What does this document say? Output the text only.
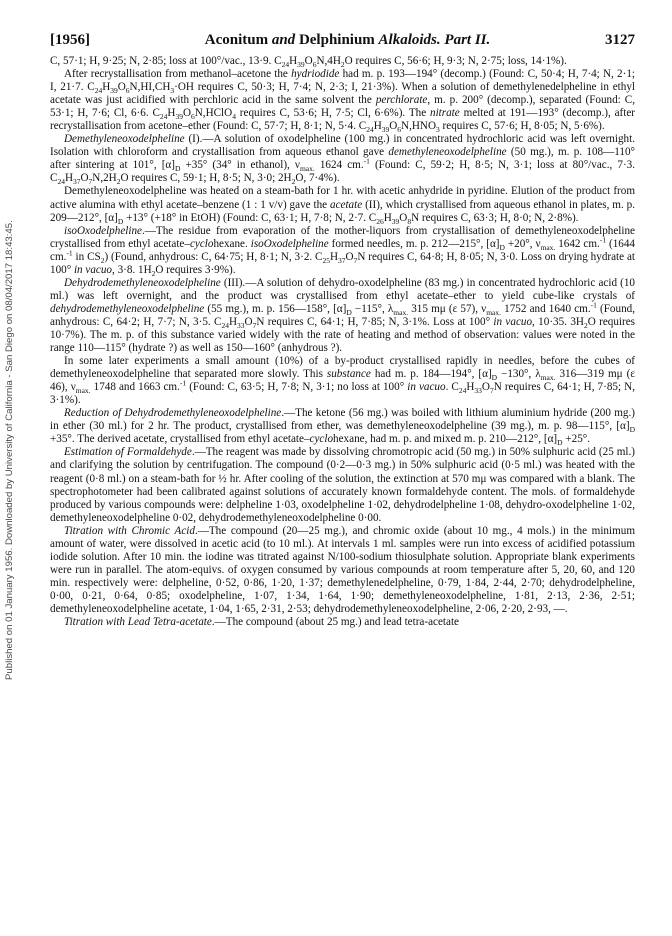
Published on 01 January 1956. Downloaded by University of California - San Diego on 08/04/2017 18:43:45.
[1956]	Aconitum and Delphinium Alkaloids. Part II.	3127

C, 57·1; H, 9·25; N, 2·85; loss at 100°/vac., 13·9. $C_{24}H_{39}O_6N,4H_2O$ requires C, 56·6; H, 9·3; N, 2·75; loss, 14·1%).

After recrystallisation from methanol–acetone the hydriodide had m. p. 193—194° (decomp.) (Found: C, 50·4; H, 7·4; N, 2·1; I, 21·7. $C_{24}H_{39}O_6N,HI,CH_3\cdot OH$ requires C, 50·3; H, 7·4; N, 2·3; I, 21·3%). When a solution of demethylenedelpheline in ethyl acetate was just acidified with perchloric acid in the same solvent the perchlorate, m. p. 200° (decomp.), separated (Found: C, 53·1; H, 7·6; Cl, 6·6. $C_{24}H_{39}O_6N,HClO_4$ requires C, 53·6; H, 7·5; Cl, 6·6%). The nitrate melted at 191—193° (decomp.), after recrystallisation from acetone–ether (Found: C, 57·7; H, 8·1; N, 5·4. $C_{24}H_{39}O_6N,HNO_3$ requires C, 57·6; H, 8·05; N, 5·6%).

Demethyleneoxodelpheline (I).—A solution of oxodelpheline (100 mg.) in concentrated hydrochloric acid was left overnight. Isolation with chloroform and crystallisation from aqueous ethanol gave demethyleneoxodelpheline (50 mg.), m. p. 108—110° after sintering at 101°, $[\alpha]_D +35^\circ$ (34° in ethanol), $\nu_{max.}$ 1624 cm.$^{-1}$ (Found: C, 59·2; H, 8·5; N, 3·1; loss at 80°/vac., 7·3. $C_{24}H_{37}O_7N,2H_2O$ requires C, 59·1; H, 8·5; N, 3·0; $2H_2O$, 7·4%).

Demethyleneoxodelpheline was heated on a steam-bath for 1 hr. with acetic anhydride in pyridine. Elution of the product from active alumina with ethyl acetate–benzene (1 : 1 v/v) gave the acetate (II), which crystallised from aqueous ethanol in plates, m. p. 209—212°, $[\alpha]_D +13^\circ$ (+18° in EtOH) (Found: C, 63·1; H, 7·8; N, 2·7. $C_{26}H_{39}O_8N$ requires C, 63·3; H, 8·0; N, 2·8%).

isoOxodelpheline.—The residue from evaporation of the mother-liquors from crystallisation of demethyleneoxodelpheline crystallised from ethyl acetate–cyclohexane. isoOxodelpheline formed needles, m. p. 212—215°, $[\alpha]_D +20^\circ$, $\nu_{max.}$ 1642 cm.$^{-1}$ (1644 cm.$^{-1}$ in $CS_2$) (Found, anhydrous: C, 64·75; H, 8·1; N, 3·2. $C_{25}H_{37}O_7N$ requires C, 64·8; H, 8·05; N, 3·0. Loss on drying hydrate at 100° in vacuo, 3·8. $1H_2O$ requires 3·9%).

Dehydrodemethyleneoxodelpheline (III).—A solution of dehydro-oxodelpheline (83 mg.) in concentrated hydrochloric acid (10 ml.) was left overnight, and the product was crystallised from ethyl acetate–ether to yield cube-like crystals of dehydrodemethyleneoxodelpheline (55 mg.), m. p. 156—158°, $[\alpha]_D -115^\circ$, $\lambda_{max.}$ 315 mμ (ε 57), $\nu_{max.}$ 1752 and 1640 cm.$^{-1}$ (Found, anhydrous: C, 64·2; H, 7·7; N, 3·5. $C_{24}H_{33}O_7N$ requires C, 64·1; H, 7·85; N, 3·1%. Loss at 100° in vacuo, 10·35. $3H_2O$ requires 10·7%). The m. p. of this substance varied widely with the rate of heating and method of observation: values were noted in the range 110—115° (hydrate ?) as well as 150—160° (anhydrous ?).

In some later experiments a small amount (10%) of a by-product crystallised rapidly in needles, before the cubes of demethyleneoxodelpheline that separated more slowly. This substance had m. p. 184—194°, $[\alpha]_D -130^\circ$, $\lambda_{max.}$ 316—319 mμ (ε 46), $\nu_{max.}$ 1748 and 1663 cm.$^{-1}$ (Found: C, 63·5; H, 7·8; N, 3·1; no loss at 100° in vacuo. $C_{24}H_{33}O_7N$ requires C, 64·1; H, 7·85; N, 3·1%).

Reduction of Dehydrodemethyleneoxodelpheline.—The ketone (56 mg.) was boiled with lithium aluminium hydride (200 mg.) in ether (30 ml.) for 2 hr. The product, crystallised from ether, was demethyleneoxodelpheline (39 mg.), m. p. 98—115°, $[\alpha]_D +35^\circ$. The derived acetate, crystallised from ethyl acetate–cyclohexane, had m. p. and mixed m. p. 210—212°, $[\alpha]_D +25^\circ$.

Estimation of Formaldehyde.—The reagent was made by dissolving chromotropic acid (50 mg.) in 50% sulphuric acid (25 ml.) and clarifying the solution by centrifugation. The compound (0·2—0·3 mg.) in 50% sulphuric acid (0·5 ml.) was heated with the reagent (0·8 ml.) on a steam-bath for ½ hr. After cooling of the solution, the extinction at 570 mμ was compared with a blank. The spectrophotometer had been calibrated against solutions of accurately known formaldehyde content. The mols. of formaldehyde produced by various compounds were: delpheline 1·03, oxodelpheline 1·02, dehydrodelpheline 1·08, dehydro-oxodelpheline 1·02, demethyleneoxodelpheline 0·02, dehydrodemethyleneoxodelpheline 0·00.

Titration with Chromic Acid.—The compound (20—25 mg.), and chromic oxide (about 10 mg., 4 mols.) in the minimum amount of water, were dissolved in acetic acid (to 10 ml.). At intervals 1 ml. samples were run into excess of acidified potassium iodide solution. After 10 min. the iodine was titrated against N/100-sodium thiosulphate solution. Appropriate blank experiments were run in parallel. The atom-equivs. of oxygen consumed by various compounds at room temperature after 5, 20, 60, and 120 min. respectively were: delpheline, 0·52, 0·86, 1·20, 1·37; demethylenedelpheline, 0·79, 1·84, 2·44, 2·70; dehydrodelpheline, 0·00, 0·21, 0·64, 0·85; oxodelpheline, 1·07, 1·34, 1·64, 1·90; demethyleneoxodelpheline, 1·81, 2·13, 2·36, 2·51; demethyleneoxodelpheline acetate, 1·04, 1·65, 2·31, 2·53; dehydrodemethyleneoxodelpheline, 2·06, 2·20, 2·93, —.

Titration with Lead Tetra-acetate.—The compound (about 25 mg.) and lead tetra-acetate
